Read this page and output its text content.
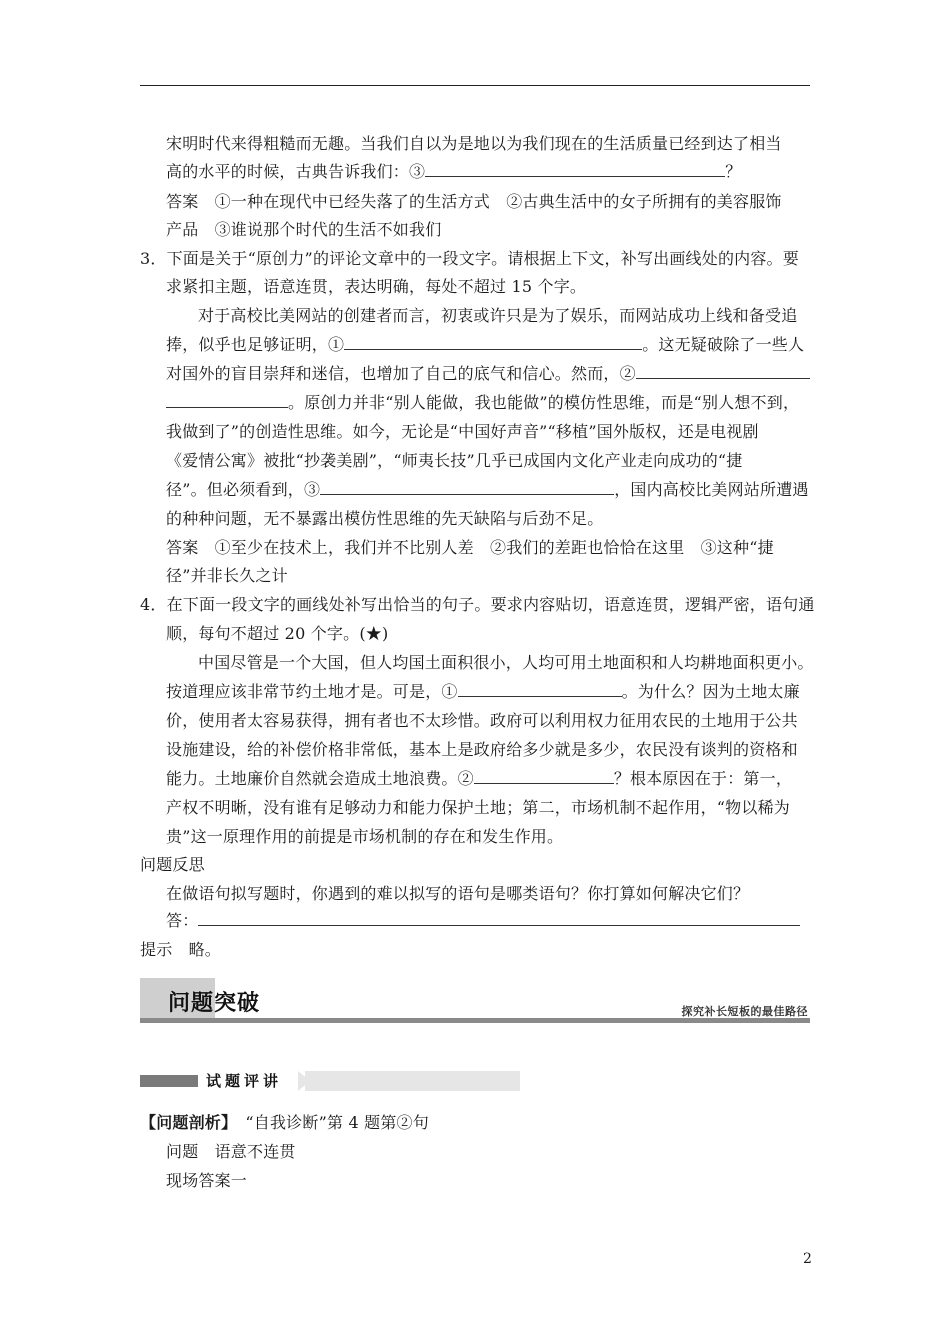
宋明时代来得粗糙而无趣。当我们自以为是地以为我们现在的生活质量已经到达了相当
高的水平的时候，古典告诉我们：③	？
答案　①一种在现代中已经失落了的生活方式　②古典生活中的女子所拥有的美容服饰
产品　③谁说那个时代的生活不如我们
3．下面是关于“原创力”的评论文章中的一段文字。请根据上下文，补写出画线处的内容。要
求紧扣主题，语意连贯，表达明确，每处不超过 15 个字。
对于高校比美网站的创建者而言，初衷或许只是为了娱乐，而网站成功上线和备受追
捧，似乎也足够证明，①	。这无疑破除了一些人
对国外的盲目崇拜和迷信，也增加了自己的底气和信心。然而，②
。原创力并非“别人能做，我也能做”的模仿性思维，而是“别人想不到，
我做到了”的创造性思维。如今，无论是“中国好声音”“移植”国外版权，还是电视剧
《爱情公寓》被批“抄袭美剧”，“师夷长技”几乎已成国内文化产业走向成功的“捷
径”。但必须看到，③	，国内高校比美网站所遭遇
的种种问题，无不暴露出模仿性思维的先天缺陷与后劲不足。
答案　①至少在技术上，我们并不比别人差　②我们的差距也恰恰在这里　③这种“捷
径”并非长久之计
4．在下面一段文字的画线处补写出恰当的句子。要求内容贴切，语意连贯，逻辑严密，语句通
顺，每句不超过 20 个字。(★)
中国尽管是一个大国，但人均国土面积很小，人均可用土地面积和人均耕地面积更小。
按道理应该非常节约土地才是。可是，①	。为什么？因为土地太廉
价，使用者太容易获得，拥有者也不太珍惜。政府可以利用权力征用农民的土地用于公共
设施建设，给的补偿价格非常低，基本上是政府给多少就是多少，农民没有谈判的资格和
能力。土地廉价自然就会造成土地浪费。②	？根本原因在于：第一，
产权不明晰，没有谁有足够动力和能力保护土地；第二，市场机制不起作用，“物以稀为
贵”这一原理作用的前提是市场机制的存在和发生作用。
问题反思
在做语句拟写题时，你遇到的难以拟写的语句是哪类语句？你打算如何解决它们？
答：
提示　略。
问题突破	探究补长短板的最佳路径
试题评讲
【问题剖析】　“自我诊断”第 4 题第②句
问题　语意不连贯
现场答案一
2
